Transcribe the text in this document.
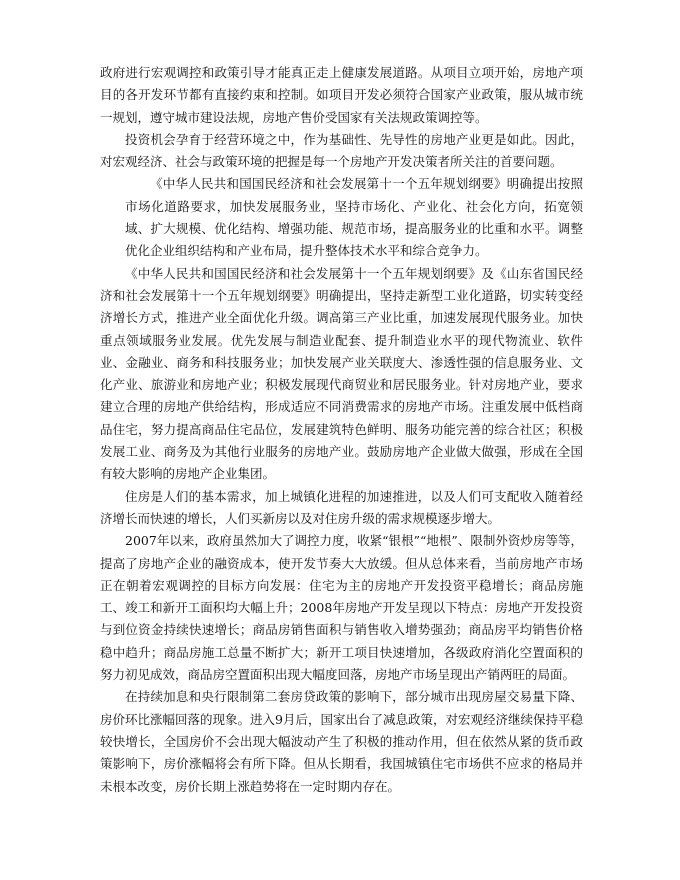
政府进行宏观调控和政策引导才能真正走上健康发展道路。从项目立项开始，房地产项目的各开发环节都有直接约束和控制。如项目开发必须符合国家产业政策，服从城市统一规划，遵守城市建设法规，房地产售价受国家有关法规政策调控等。

投资机会孕育于经营环境之中，作为基础性、先导性的房地产业更是如此。因此，对宏观经济、社会与政策环境的把握是每一个房地产开发决策者所关注的首要问题。

《中华人民共和国国民经济和社会发展第十一个五年规划纲要》明确提出按照市场化道路要求，加快发展服务业，坚持市场化、产业化、社会化方向，拓宽领域、扩大规模、优化结构、增强功能、规范市场，提高服务业的比重和水平。调整优化企业组织结构和产业布局，提升整体技术水平和综合竞争力。

《中华人民共和国国民经济和社会发展第十一个五年规划纲要》及《山东省国民经济和社会发展第十一个五年规划纲要》明确提出，坚持走新型工业化道路，切实转变经济增长方式，推进产业全面优化升级。调高第三产业比重，加速发展现代服务业。加快重点领域服务业发展。优先发展与制造业配套、提升制造业水平的现代物流业、软件业、金融业、商务和科技服务业；加快发展产业关联度大、渗透性强的信息服务业、文化产业、旅游业和房地产业；积极发展现代商贸业和居民服务业。针对房地产业，要求建立合理的房地产供给结构，形成适应不同消费需求的房地产市场。注重发展中低档商品住宅，努力提高商品住宅品位，发展建筑特色鲜明、服务功能完善的综合社区；积极发展工业、商务及为其他行业服务的房地产业。鼓励房地产企业做大做强，形成在全国有较大影响的房地产企业集团。

住房是人们的基本需求，加上城镇化进程的加速推进，以及人们可支配收入随着经济增长而快速的增长，人们买新房以及对住房升级的需求规模逐步增大。

2007年以来，政府虽然加大了调控力度，收紧“银根”“地根”、限制外资炒房等等，提高了房地产企业的融资成本，使开发节奏大大放缓。但从总体来看，当前房地产市场正在朝着宏观调控的目标方向发展：住宅为主的房地产开发投资平稳增长；商品房施工、竣工和新开工面积均大幅上升；2008年房地产开发呈现以下特点：房地产开发投资与到位资金持续快速增长；商品房销售面积与销售收入增势强劲；商品房平均销售价格稳中趋升；商品房施工总量不断扩大；新开工项目快速增加，各级政府消化空置面积的努力初见成效，商品房空置面积出现大幅度回落，房地产市场呈现出产销两旺的局面。

在持续加息和央行限制第二套房贷政策的影响下，部分城市出现房屋交易量下降、房价环比涨幅回落的现象。进入9月后，国家出台了减息政策，对宏观经济继续保持平稳较快增长，全国房价不会出现大幅波动产生了积极的推动作用，但在依然从紧的货币政策影响下，房价涨幅将会有所下降。但从长期看，我国城镇住宅市场供不应求的格局并未根本改变，房价长期上涨趋势将在一定时期内存在。
